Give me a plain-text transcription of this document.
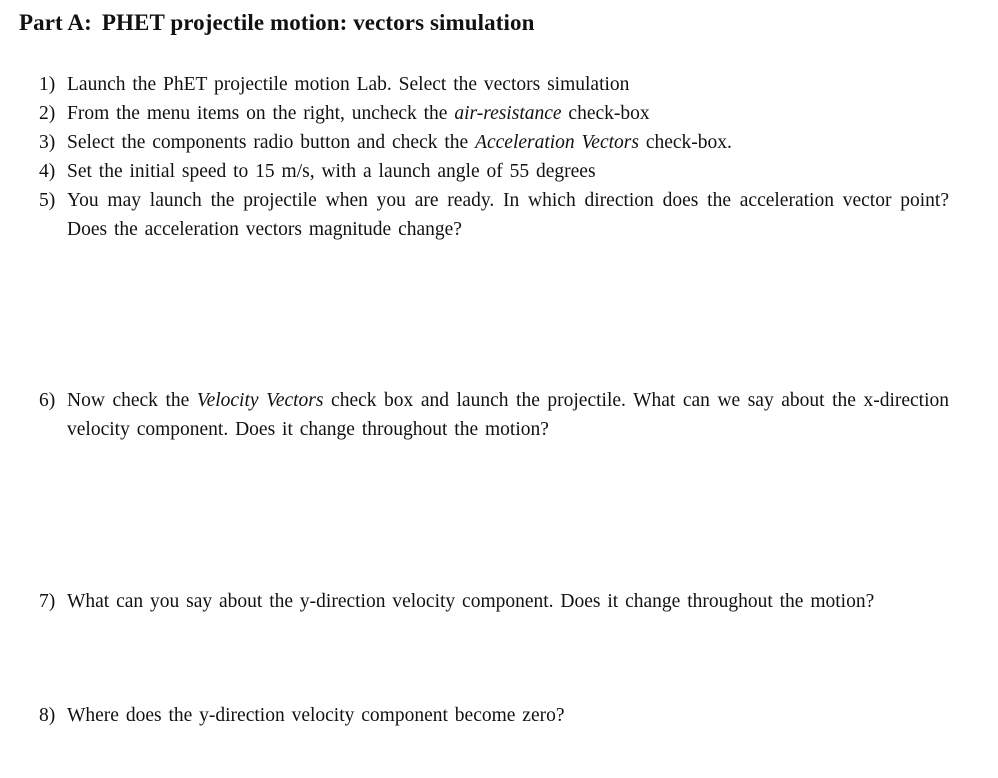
Part A: PHET projectile motion: vectors simulation
1) Launch the PhET projectile motion Lab. Select the vectors simulation
2) From the menu items on the right, uncheck the air-resistance check-box
3) Select the components radio button and check the Acceleration Vectors check-box.
4) Set the initial speed to 15 m/s, with a launch angle of 55 degrees
5) You may launch the projectile when you are ready. In which direction does the acceleration vector point? Does the acceleration vectors magnitude change?
6) Now check the Velocity Vectors check box and launch the projectile. What can we say about the x-direction velocity component. Does it change throughout the motion?
7) What can you say about the y-direction velocity component. Does it change throughout the motion?
8) Where does the y-direction velocity component become zero?
